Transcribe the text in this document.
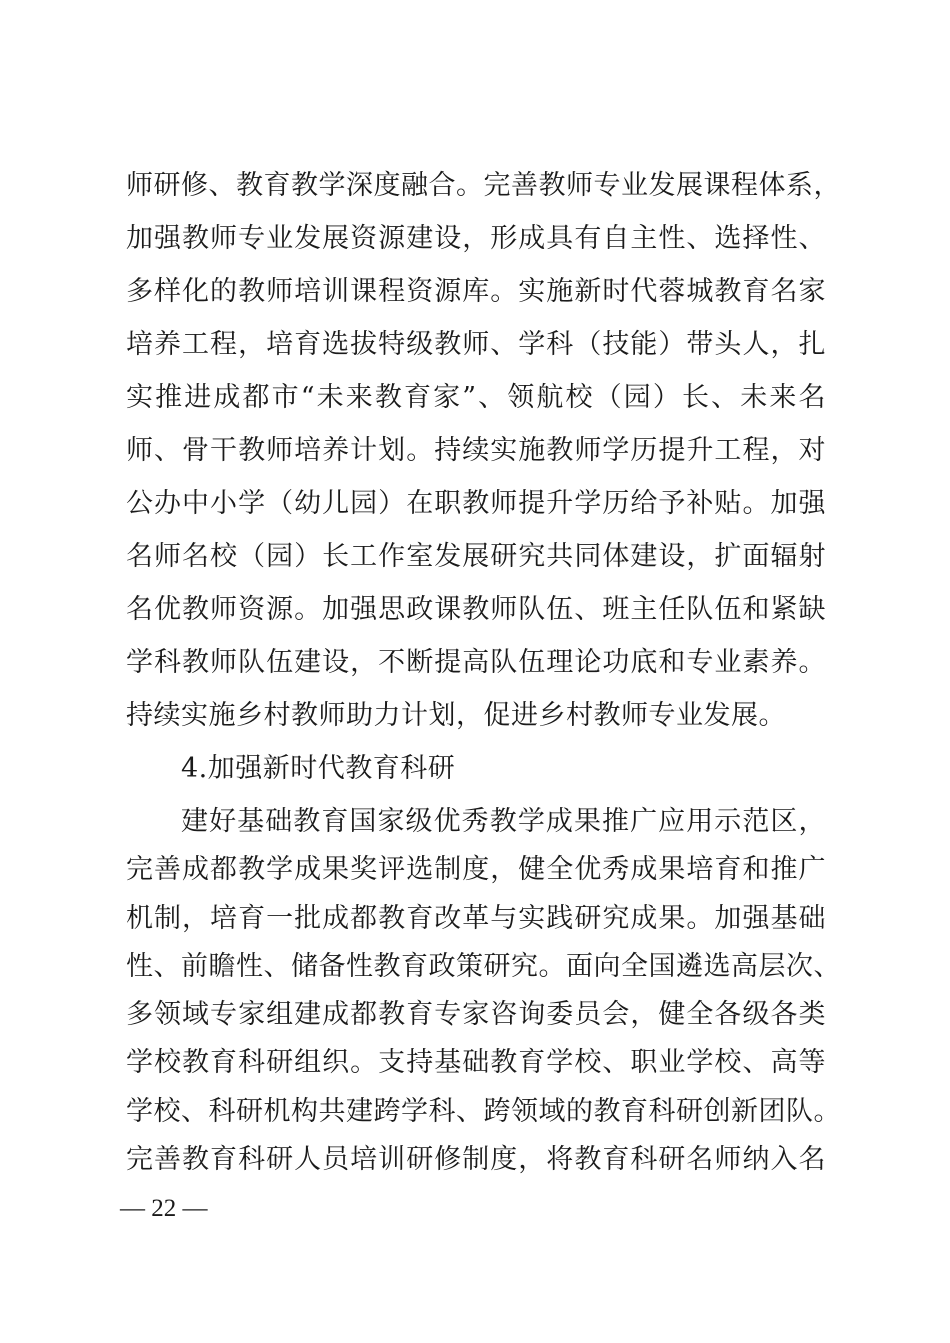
师研修、教育教学深度融合。完善教师专业发展课程体系，
加强教师专业发展资源建设，形成具有自主性、选择性、
多样化的教师培训课程资源库。实施新时代蓉城教育名家
培养工程，培育选拔特级教师、学科（技能）带头人，扎
实推进成都市“未来教育家”、领航校（园）长、未来名
师、骨干教师培养计划。持续实施教师学历提升工程，对
公办中小学（幼儿园）在职教师提升学历给予补贴。加强
名师名校（园）长工作室发展研究共同体建设，扩面辐射
名优教师资源。加强思政课教师队伍、班主任队伍和紧缺
学科教师队伍建设，不断提高队伍理论功底和专业素养。
持续实施乡村教师助力计划，促进乡村教师专业发展。
4.加强新时代教育科研
建好基础教育国家级优秀教学成果推广应用示范区，
完善成都教学成果奖评选制度，健全优秀成果培育和推广
机制，培育一批成都教育改革与实践研究成果。加强基础
性、前瞻性、储备性教育政策研究。面向全国遴选高层次、
多领域专家组建成都教育专家咨询委员会，健全各级各类
学校教育科研组织。支持基础教育学校、职业学校、高等
学校、科研机构共建跨学科、跨领域的教育科研创新团队。
— 22 —
完善教育科研人员培训研修制度，将教育科研名师纳入名
